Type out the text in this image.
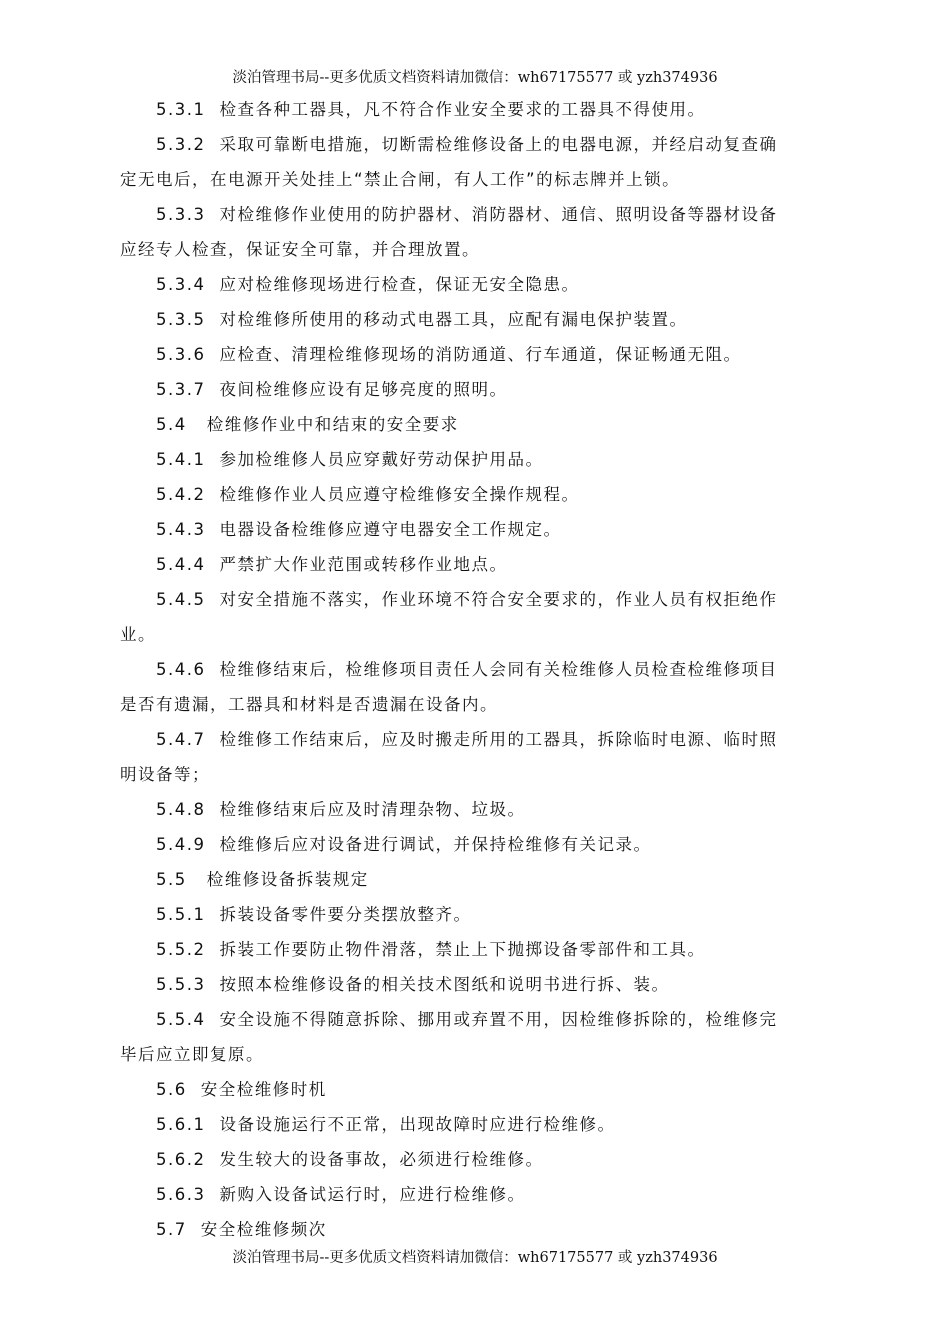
淡泊管理书局--更多优质文档资料请加微信：wh67175577 或 yzh374936
5.3.1 检查各种工器具，凡不符合作业安全要求的工器具不得使用。
5.3.2 采取可靠断电措施，切断需检维修设备上的电器电源，并经启动复查确
定无电后，在电源开关处挂上“禁止合闸，有人工作”的标志牌并上锁。
5.3.3 对检维修作业使用的防护器材、消防器材、通信、照明设备等器材设备
应经专人检查，保证安全可靠，并合理放置。
5.3.4 应对检维修现场进行检查，保证无安全隐患。
5.3.5 对检维修所使用的移动式电器工具，应配有漏电保护装置。
5.3.6 应检查、清理检维修现场的消防通道、行车通道，保证畅通无阻。
5.3.7 夜间检维修应设有足够亮度的照明。
5.4 检维修作业中和结束的安全要求
5.4.1 参加检维修人员应穿戴好劳动保护用品。
5.4.2 检维修作业人员应遵守检维修安全操作规程。
5.4.3 电器设备检维修应遵守电器安全工作规定。
5.4.4 严禁扩大作业范围或转移作业地点。
5.4.5 对安全措施不落实，作业环境不符合安全要求的，作业人员有权拒绝作
业。
5.4.6 检维修结束后，检维修项目责任人会同有关检维修人员检查检维修项目
是否有遗漏，工器具和材料是否遗漏在设备内。
5.4.7 检维修工作结束后，应及时搬走所用的工器具，拆除临时电源、临时照
明设备等；
5.4.8 检维修结束后应及时清理杂物、垃圾。
5.4.9 检维修后应对设备进行调试，并保持检维修有关记录。
5.5 检维修设备拆装规定
5.5.1 拆装设备零件要分类摆放整齐。
5.5.2 拆装工作要防止物件滑落，禁止上下抛掷设备零部件和工具。
5.5.3 按照本检维修设备的相关技术图纸和说明书进行拆、装。
5.5.4 安全设施不得随意拆除、挪用或弃置不用，因检维修拆除的，检维修完
毕后应立即复原。
5.6 安全检维修时机
5.6.1 设备设施运行不正常，出现故障时应进行检维修。
5.6.2 发生较大的设备事故，必须进行检维修。
5.6.3 新购入设备试运行时，应进行检维修。
5.7 安全检维修频次
淡泊管理书局--更多优质文档资料请加微信：wh67175577 或 yzh374936
